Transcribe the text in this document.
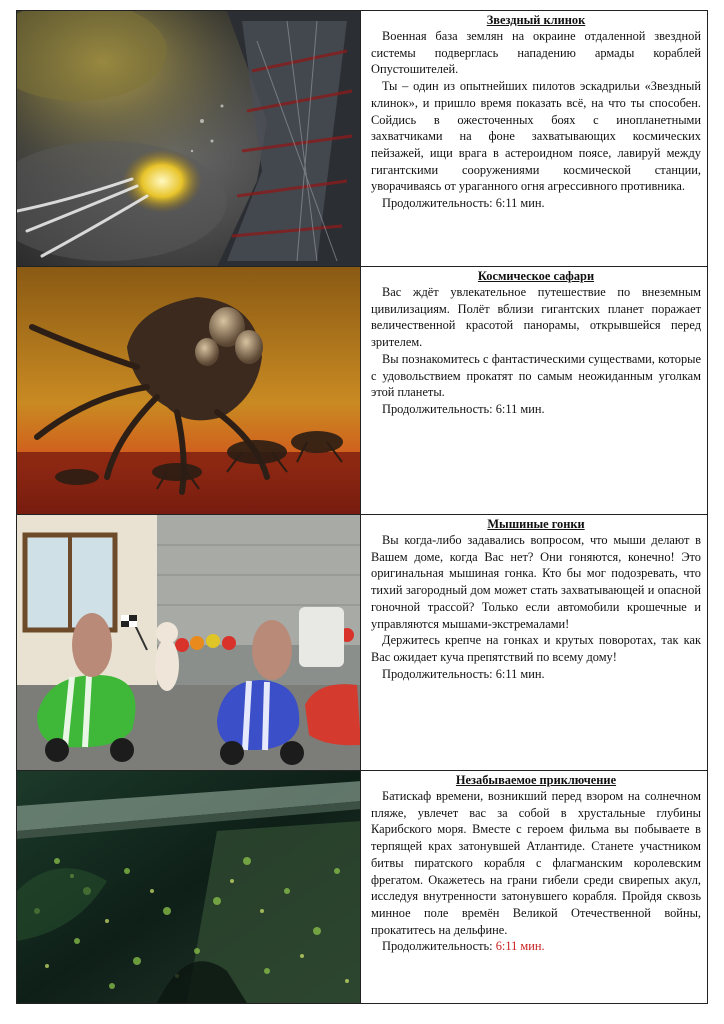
Звездный клинок

Военная база землян на окраине отдаленной звездной системы подверглась нападению армады кораблей Опустошителей.

Ты – один из опытнейших пилотов эскадрильи «Звездный клинок», и пришло время показать всё, на что ты способен. Сойдись в ожесточенных боях с инопланетными захватчиками на фоне захватывающих космических пейзажей, ищи врага в астероидном поясе, лавируй между гигантскими сооружениями космической станции, уворачиваясь от ураганного огня агрессивного противника.

Продолжительность: 6:11 мин.

Космическое сафари

Вас ждёт увлекательное путешествие по внеземным цивилизациям. Полёт вблизи гигантских планет поражает величественной красотой панорамы, открывшейся перед зрителем.

Вы познакомитесь с фантастическими существами, которые с удовольствием прокатят по самым неожиданным уголкам этой планеты.

Продолжительность: 6:11 мин.

Мышиные гонки

Вы когда-либо задавались вопросом, что мыши делают в Вашем доме, когда Вас нет? Они гоняются, конечно! Это оригинальная мышиная гонка. Кто бы мог подозревать, что тихий загородный дом может стать захватывающей и опасной гоночной трассой? Только если автомобили крошечные и управляются мышами-экстремалами!

Держитесь крепче на гонках и крутых поворотах, так как Вас ожидает куча препятствий по всему дому!

Продолжительность: 6:11 мин.

Незабываемое приключение

Батискаф времени, возникший перед взором на солнечном пляже, увлечет вас за собой в хрустальные глубины Карибского моря. Вместе с героем фильма вы побываете в терпящей крах затонувшей Атлантиде. Станете участником битвы пиратского корабля с флагманским королевским фрегатом. Окажетесь на грани гибели среди свирепых акул, исследуя внутренности затонувшего корабля. Пройдя сквозь минное поле времён Великой Отечественной войны, прокатитесь на дельфине.

Продолжительность: 6:11 мин.
